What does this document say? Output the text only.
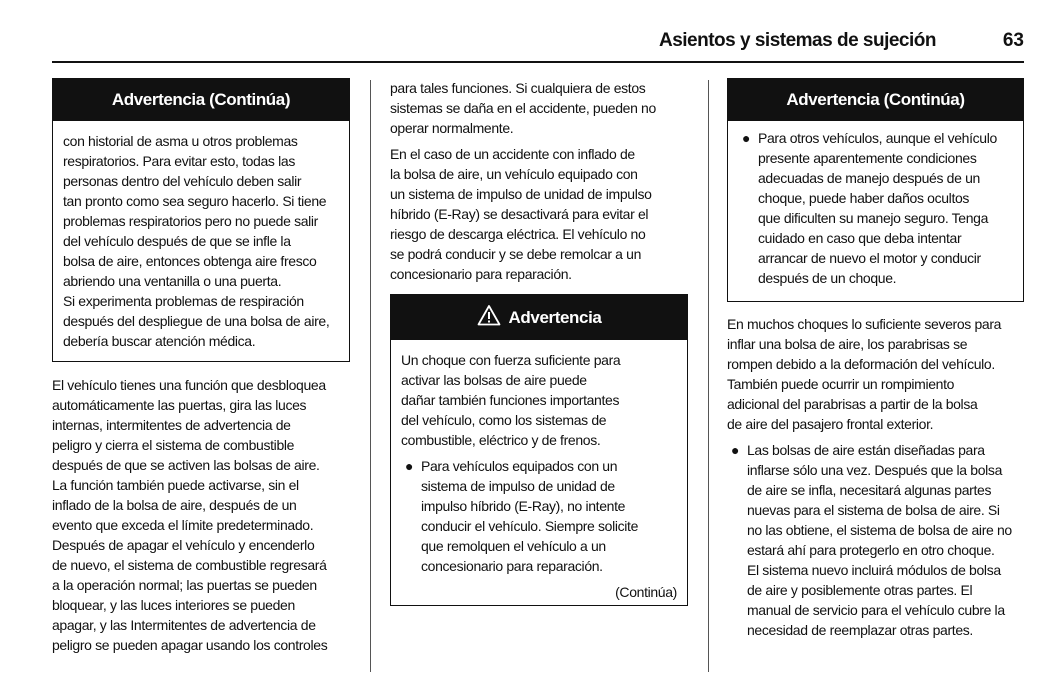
Asientos y sistemas de sujeción	63
Advertencia (Continúa)
con historial de asma u otros problemas
respiratorios. Para evitar esto, todas las
personas dentro del vehículo deben salir
tan pronto como sea seguro hacerlo. Si tiene
problemas respiratorios pero no puede salir
del vehículo después de que se infle la
bolsa de aire, entonces obtenga aire fresco
abriendo una ventanilla o una puerta.
Si experimenta problemas de respiración
después del despliegue de una bolsa de aire,
debería buscar atención médica.
El vehículo tienes una función que desbloquea
automáticamente las puertas, gira las luces
internas, intermitentes de advertencia de
peligro y cierra el sistema de combustible
después de que se activen las bolsas de aire.
La función también puede activarse, sin el
inflado de la bolsa de aire, después de un
evento que exceda el límite predeterminado.
Después de apagar el vehículo y encenderlo
de nuevo, el sistema de combustible regresará
a la operación normal; las puertas se pueden
bloquear, y las luces interiores se pueden
apagar, y las Intermitentes de advertencia de
peligro se pueden apagar usando los controles
para tales funciones. Si cualquiera de estos
sistemas se daña en el accidente, pueden no
operar normalmente.
En el caso de un accidente con inflado de
la bolsa de aire, un vehículo equipado con
un sistema de impulso de unidad de impulso
híbrido (E-Ray) se desactivará para evitar el
riesgo de descarga eléctrica. El vehículo no
se podrá conducir y se debe remolcar a un
concesionario para reparación.
Advertencia
Un choque con fuerza suficiente para
activar las bolsas de aire puede
dañar también funciones importantes
del vehículo, como los sistemas de
combustible, eléctrico y de frenos.
● Para vehículos equipados con un
sistema de impulso de unidad de
impulso híbrido (E-Ray), no intente
conducir el vehículo. Siempre solicite
que remolquen el vehículo a un
concesionario para reparación.
(Continúa)
Advertencia (Continúa)
● Para otros vehículos, aunque el vehículo
presente aparentemente condiciones
adecuadas de manejo después de un
choque, puede haber daños ocultos
que dificulten su manejo seguro. Tenga
cuidado en caso que deba intentar
arrancar de nuevo el motor y conducir
después de un choque.
En muchos choques lo suficiente severos para
inflar una bolsa de aire, los parabrisas se
rompen debido a la deformación del vehículo.
También puede ocurrir un rompimiento
adicional del parabrisas a partir de la bolsa
de aire del pasajero frontal exterior.
● Las bolsas de aire están diseñadas para
inflarse sólo una vez. Después que la bolsa
de aire se infla, necesitará algunas partes
nuevas para el sistema de bolsa de aire. Si
no las obtiene, el sistema de bolsa de aire no
estará ahí para protegerlo en otro choque.
El sistema nuevo incluirá módulos de bolsa
de aire y posiblemente otras partes. El
manual de servicio para el vehículo cubre la
necesidad de reemplazar otras partes.
